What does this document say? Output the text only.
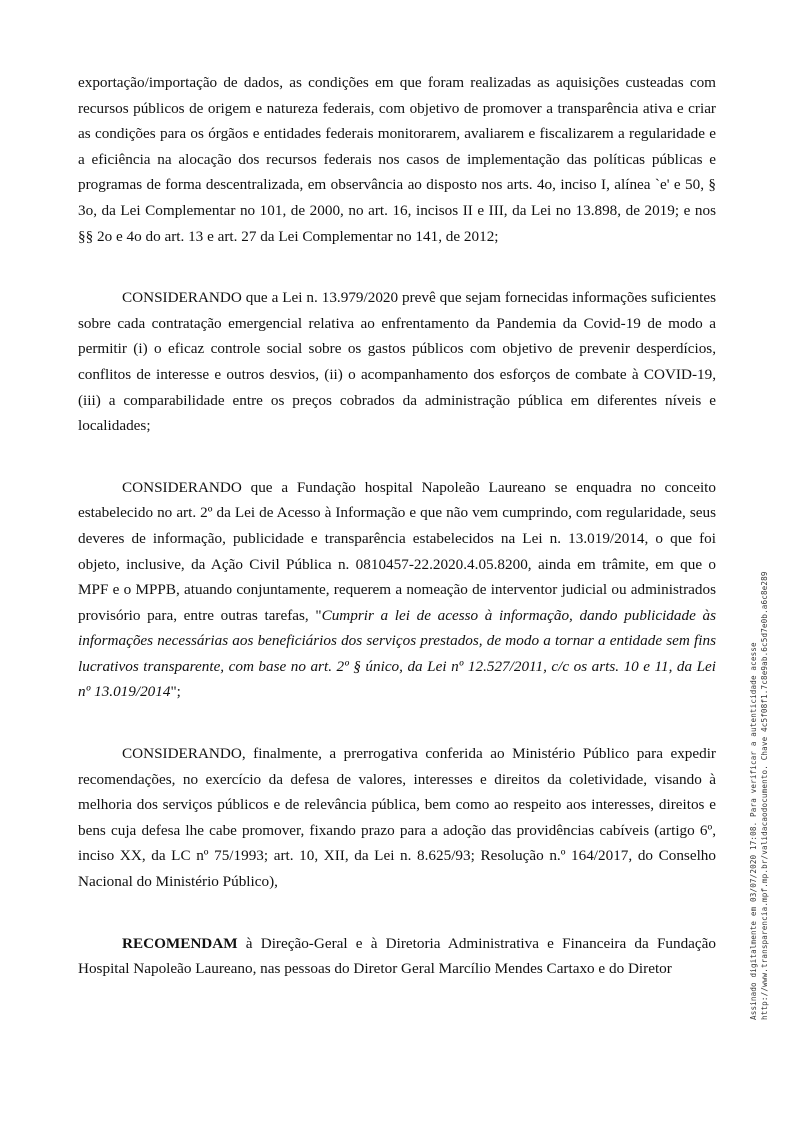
exportação/importação de dados, as condições em que foram realizadas as aquisições custeadas com recursos públicos de origem e natureza federais, com objetivo de promover a transparência ativa e criar as condições para os órgãos e entidades federais monitorarem, avaliarem e fiscalizarem a regularidade e a eficiência na alocação dos recursos federais nos casos de implementação das políticas públicas e programas de forma descentralizada, em observância ao disposto nos arts. 4o, inciso I, alínea `e' e 50, § 3o, da Lei Complementar no 101, de 2000, no art. 16, incisos II e III, da Lei no 13.898, de 2019; e nos §§ 2o e 4o do art. 13 e art. 27 da Lei Complementar no 141, de 2012;

CONSIDERANDO que a Lei n. 13.979/2020 prevê que sejam fornecidas informações suficientes sobre cada contratação emergencial relativa ao enfrentamento da Pandemia da Covid-19 de modo a permitir (i) o eficaz controle social sobre os gastos públicos com objetivo de prevenir desperdícios, conflitos de interesse e outros desvios, (ii) o acompanhamento dos esforços de combate à COVID-19, (iii) a comparabilidade entre os preços cobrados da administração pública em diferentes níveis e localidades;

CONSIDERANDO que a Fundação hospital Napoleão Laureano se enquadra no conceito estabelecido no art. 2º da Lei de Acesso à Informação e que não vem cumprindo, com regularidade, seus deveres de informação, publicidade e transparência estabelecidos na Lei n. 13.019/2014, o que foi objeto, inclusive, da Ação Civil Pública n. 0810457-22.2020.4.05.8200, ainda em trâmite, em que o MPF e o MPPB, atuando conjuntamente, requerem a nomeação de interventor judicial ou administrados provisório para, entre outras tarefas, "Cumprir a lei de acesso à informação, dando publicidade às informações necessárias aos beneficiários dos serviços prestados, de modo a tornar a entidade sem fins lucrativos transparente, com base no art. 2º § único, da Lei nº 12.527/2011, c/c os arts. 10 e 11, da Lei nº 13.019/2014";

CONSIDERANDO, finalmente, a prerrogativa conferida ao Ministério Público para expedir recomendações, no exercício da defesa de valores, interesses e direitos da coletividade, visando à melhoria dos serviços públicos e de relevância pública, bem como ao respeito aos interesses, direitos e bens cuja defesa lhe cabe promover, fixando prazo para a adoção das providências cabíveis (artigo 6º, inciso XX, da LC nº 75/1993; art. 10, XII, da Lei n. 8.625/93; Resolução n.º 164/2017, do Conselho Nacional do Ministério Público),

RECOMENDAM à Direção-Geral e à Diretoria Administrativa e Financeira da Fundação Hospital Napoleão Laureano, nas pessoas do Diretor Geral Marcílio Mendes Cartaxo e do Diretor	Assinado digitalmente em 03/07/2020 17:08. Para verificar a autenticidade acesse http://www.transparencia.mpf.mp.br/validacaodocumento. Chave 4c5f08f1.7c8e9ab.6c5d7e0b.a6c8e289
